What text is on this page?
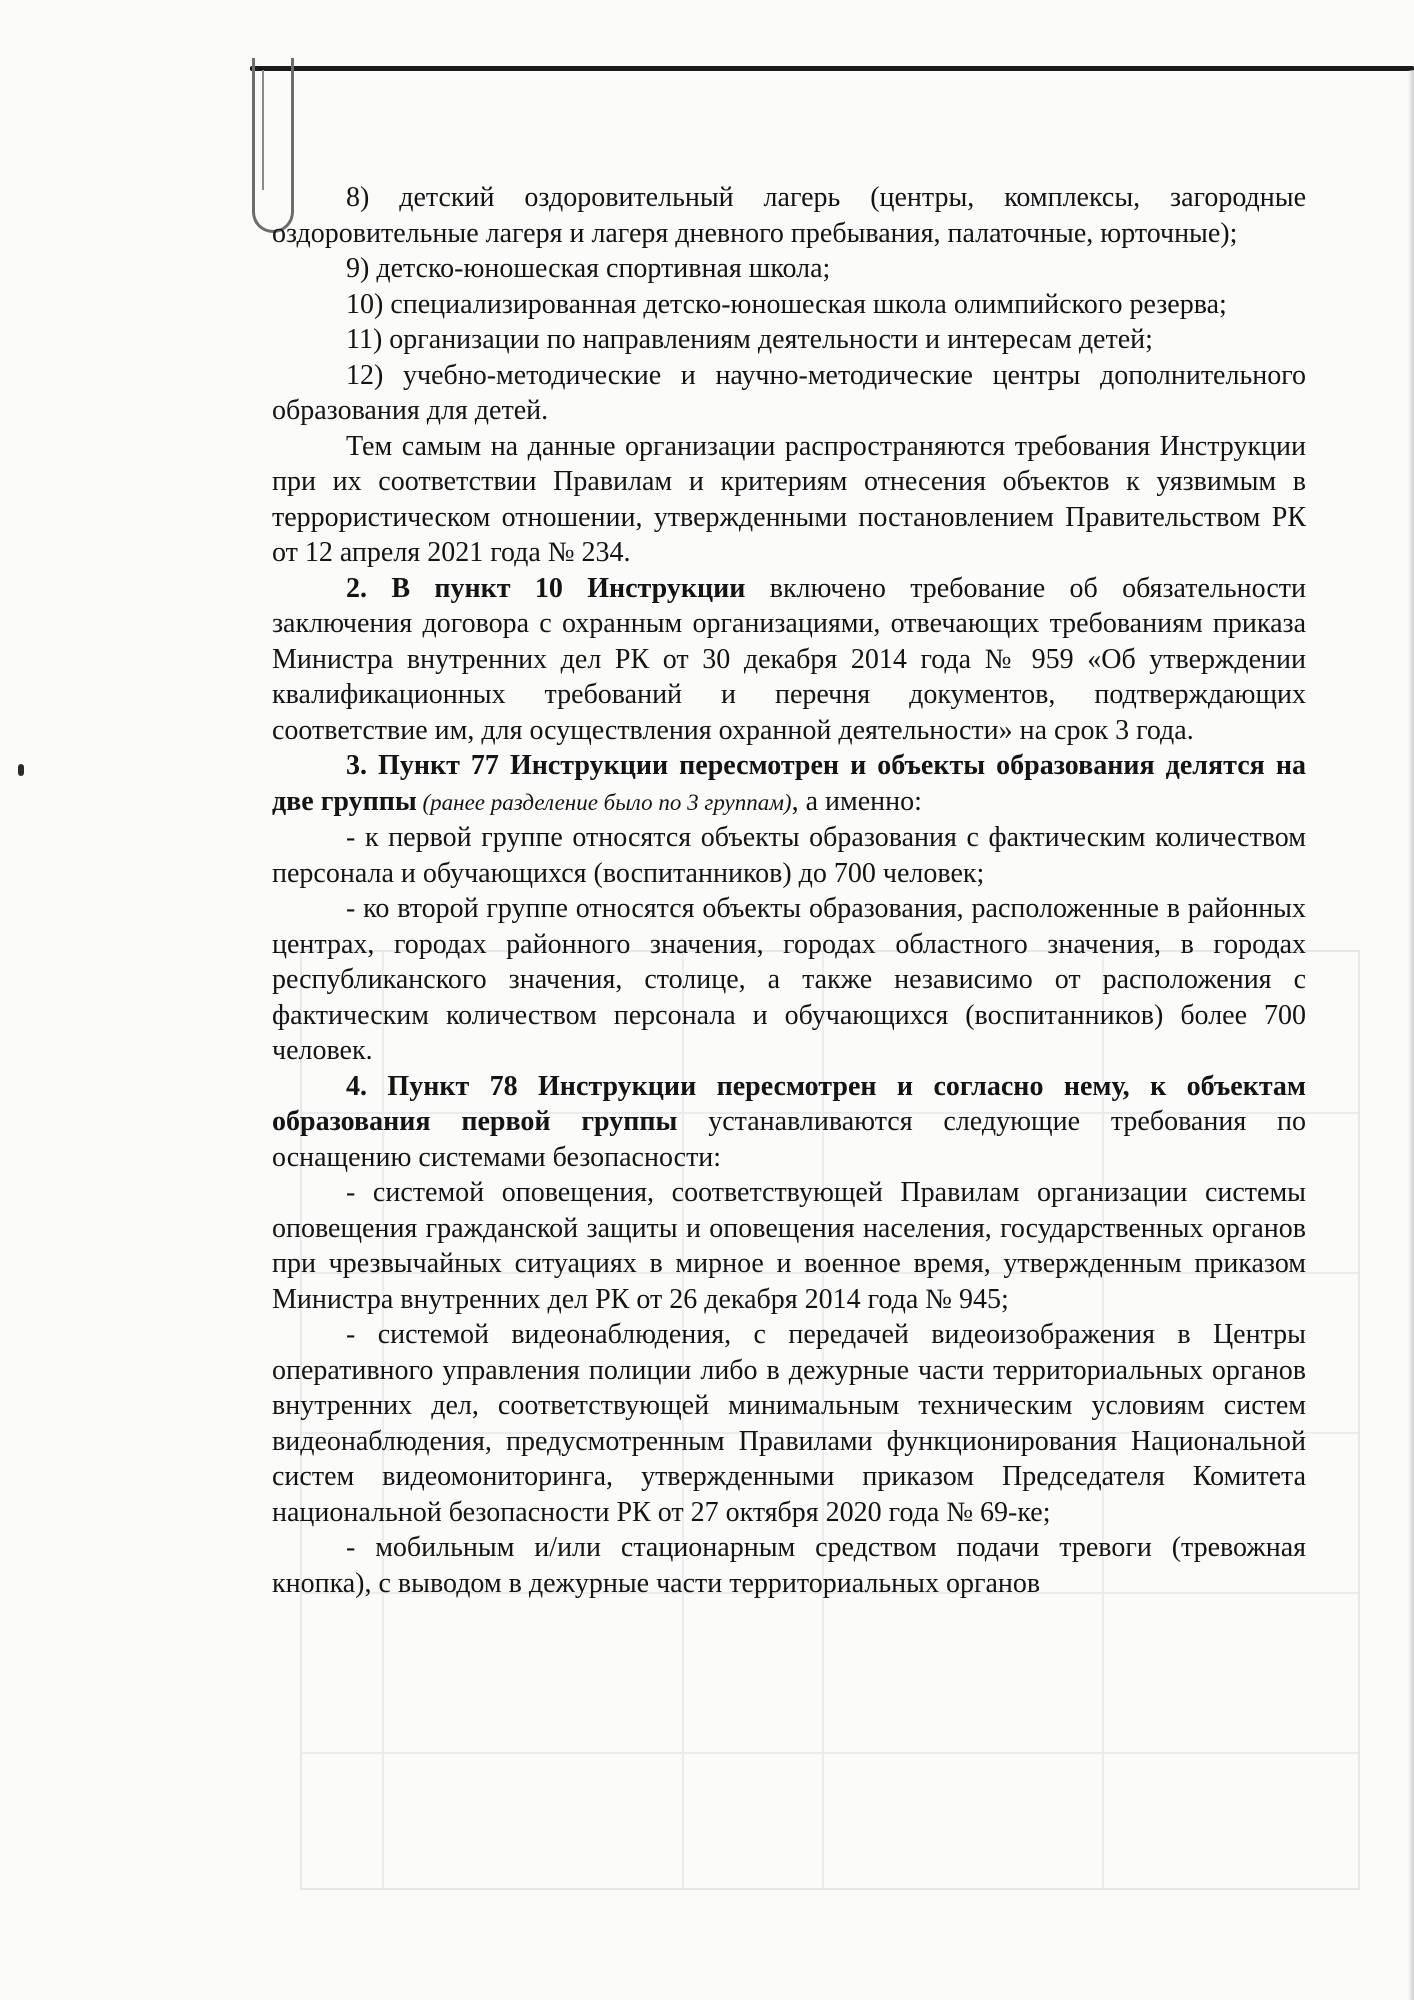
8) детский оздоровительный лагерь (центры, комплексы, загородные оздоровительные лагеря и лагеря дневного пребывания, палаточные, юрточные);

9) детско-юношеская спортивная школа;

10) специализированная детско-юношеская школа олимпийского резерва;

11) организации по направлениям деятельности и интересам детей;

12) учебно-методические и научно-методические центры дополнительного образования для детей.

Тем самым на данные организации распространяются требования Инструкции при их соответствии Правилам и критериям отнесения объектов к уязвимым в террористическом отношении, утвержденными постановлением Правительством РК от 12 апреля 2021 года № 234.

2. В пункт 10 Инструкции включено требование об обязательности заключения договора с охранным организациями, отвечающих требованиям приказа Министра внутренних дел РК от 30 декабря 2014 года № 959 «Об утверждении квалификационных требований и перечня документов, подтверждающих соответствие им, для осуществления охранной деятельности» на срок 3 года.

3. Пункт 77 Инструкции пересмотрен и объекты образования делятся на две группы (ранее разделение было по 3 группам), а именно:

- к первой группе относятся объекты образования с фактическим количеством персонала и обучающихся (воспитанников) до 700 человек;

- ко второй группе относятся объекты образования, расположенные в районных центрах, городах районного значения, городах областного значения, в городах республиканского значения, столице, а также независимо от расположения с фактическим количеством персонала и обучающихся (воспитанников) более 700 человек.

4. Пункт 78 Инструкции пересмотрен и согласно нему, к объектам образования первой группы устанавливаются следующие требования по оснащению системами безопасности:

- системой оповещения, соответствующей Правилам организации системы оповещения гражданской защиты и оповещения населения, государственных органов при чрезвычайных ситуациях в мирное и военное время, утвержденным приказом Министра внутренних дел РК от 26 декабря 2014 года № 945;

- системой видеонаблюдения, с передачей видеоизображения в Центры оперативного управления полиции либо в дежурные части территориальных органов внутренних дел, соответствующей минимальным техническим условиям систем видеонаблюдения, предусмотренным Правилами функционирования Национальной систем видеомониторинга, утвержденными приказом Председателя Комитета национальной безопасности РК от 27 октября 2020 года № 69-ке;

- мобильным и/или стационарным средством подачи тревоги (тревожная кнопка), с выводом в дежурные части территориальных органов
